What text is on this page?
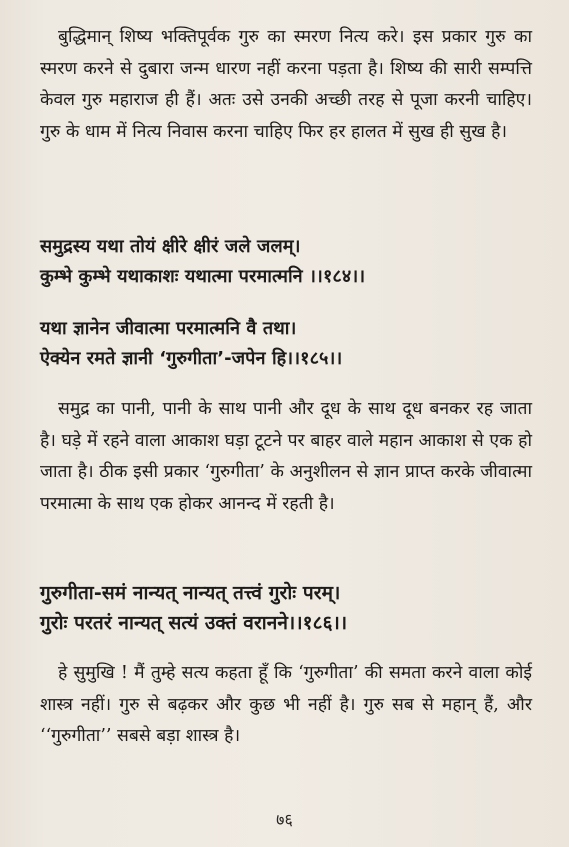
बुद्धिमान् शिष्य भक्तिपूर्वक गुरु का स्मरण नित्य करे। इस प्रकार गुरु का स्मरण करने से दुबारा जन्म धारण नहीं करना पड़ता है। शिष्य की सारी सम्पत्ति केवल गुरु महाराज ही हैं। अतः उसे उनकी अच्छी तरह से पूजा करनी चाहिए। गुरु के धाम में नित्य निवास करना चाहिए फिर हर हालत में सुख ही सुख है।

समुद्रस्य यथा तोयं क्षीरे क्षीरं जले जलम्।
कुम्भे कुम्भे यथाकाशः यथात्मा परमात्मनि ।।१८४।।
यथा ज्ञानेन जीवात्मा परमात्मनि वै तथा।
ऐक्येन रमते ज्ञानी ‘गुरुगीता’-जपेन हि।।१८५।।

समुद्र का पानी, पानी के साथ पानी और दूध के साथ दूध बनकर रह जाता है। घड़े में रहने वाला आकाश घड़ा टूटने पर बाहर वाले महान आकाश से एक हो जाता है। ठीक इसी प्रकार ‘गुरुगीता’ के अनुशीलन से ज्ञान प्राप्त करके जीवात्मा परमात्मा के साथ एक होकर आनन्द में रहती है।

गुरुगीता-समं नान्यत् नान्यत् तत्त्वं गुरोः परम्।
गुरोः परतरं नान्यत् सत्यं उक्तं वरानने।।१८६।।

हे सुमुखि ! मैं तुम्हे सत्य कहता हूँ कि ‘गुरुगीता’ की समता करने वाला कोई शास्त्र नहीं। गुरु से बढ़कर और कुछ भी नहीं है। गुरु सब से महान् हैं, और ‘‘गुरुगीता’’ सबसे बड़ा शास्त्र है।

७६
